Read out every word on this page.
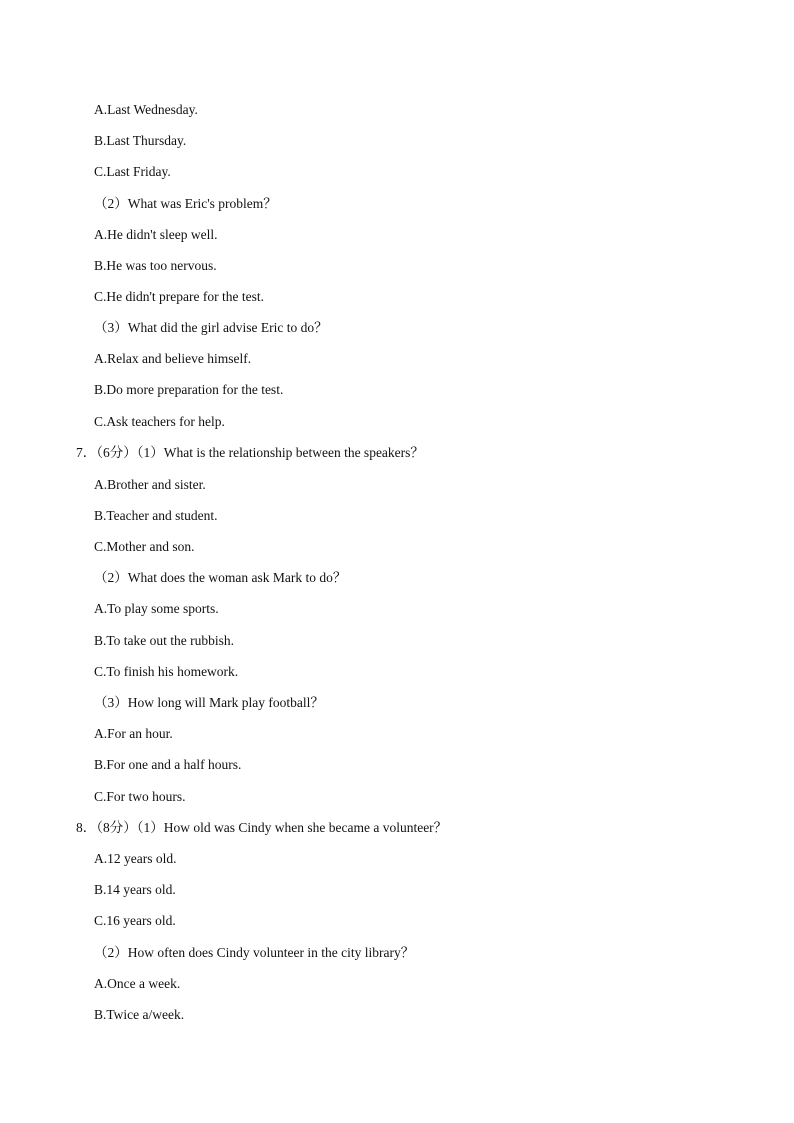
A.Last Wednesday.
B.Last Thursday.
C.Last Friday.
（2）What was Eric's problem？
A.He didn't sleep well.
B.He was too nervous.
C.He didn't prepare for the test.
（3）What did the girl advise Eric to do？
A.Relax and believe himself.
B.Do more preparation for the test.
C.Ask teachers for help.
7．（6分）（1）What is the relationship between the speakers？
A.Brother and sister.
B.Teacher and student.
C.Mother and son.
（2）What does the woman ask Mark to do？
A.To play some sports.
B.To take out the rubbish.
C.To finish his homework.
（3）How long will Mark play football？
A.For an hour.
B.For one and a half hours.
C.For two hours.
8．（8分）（1）How old was Cindy when she became a volunteer？
A.12 years old.
B.14 years old.
C.16 years old.
（2）How often does Cindy volunteer in the city library？
A.Once a week.
B.Twice a/week.
